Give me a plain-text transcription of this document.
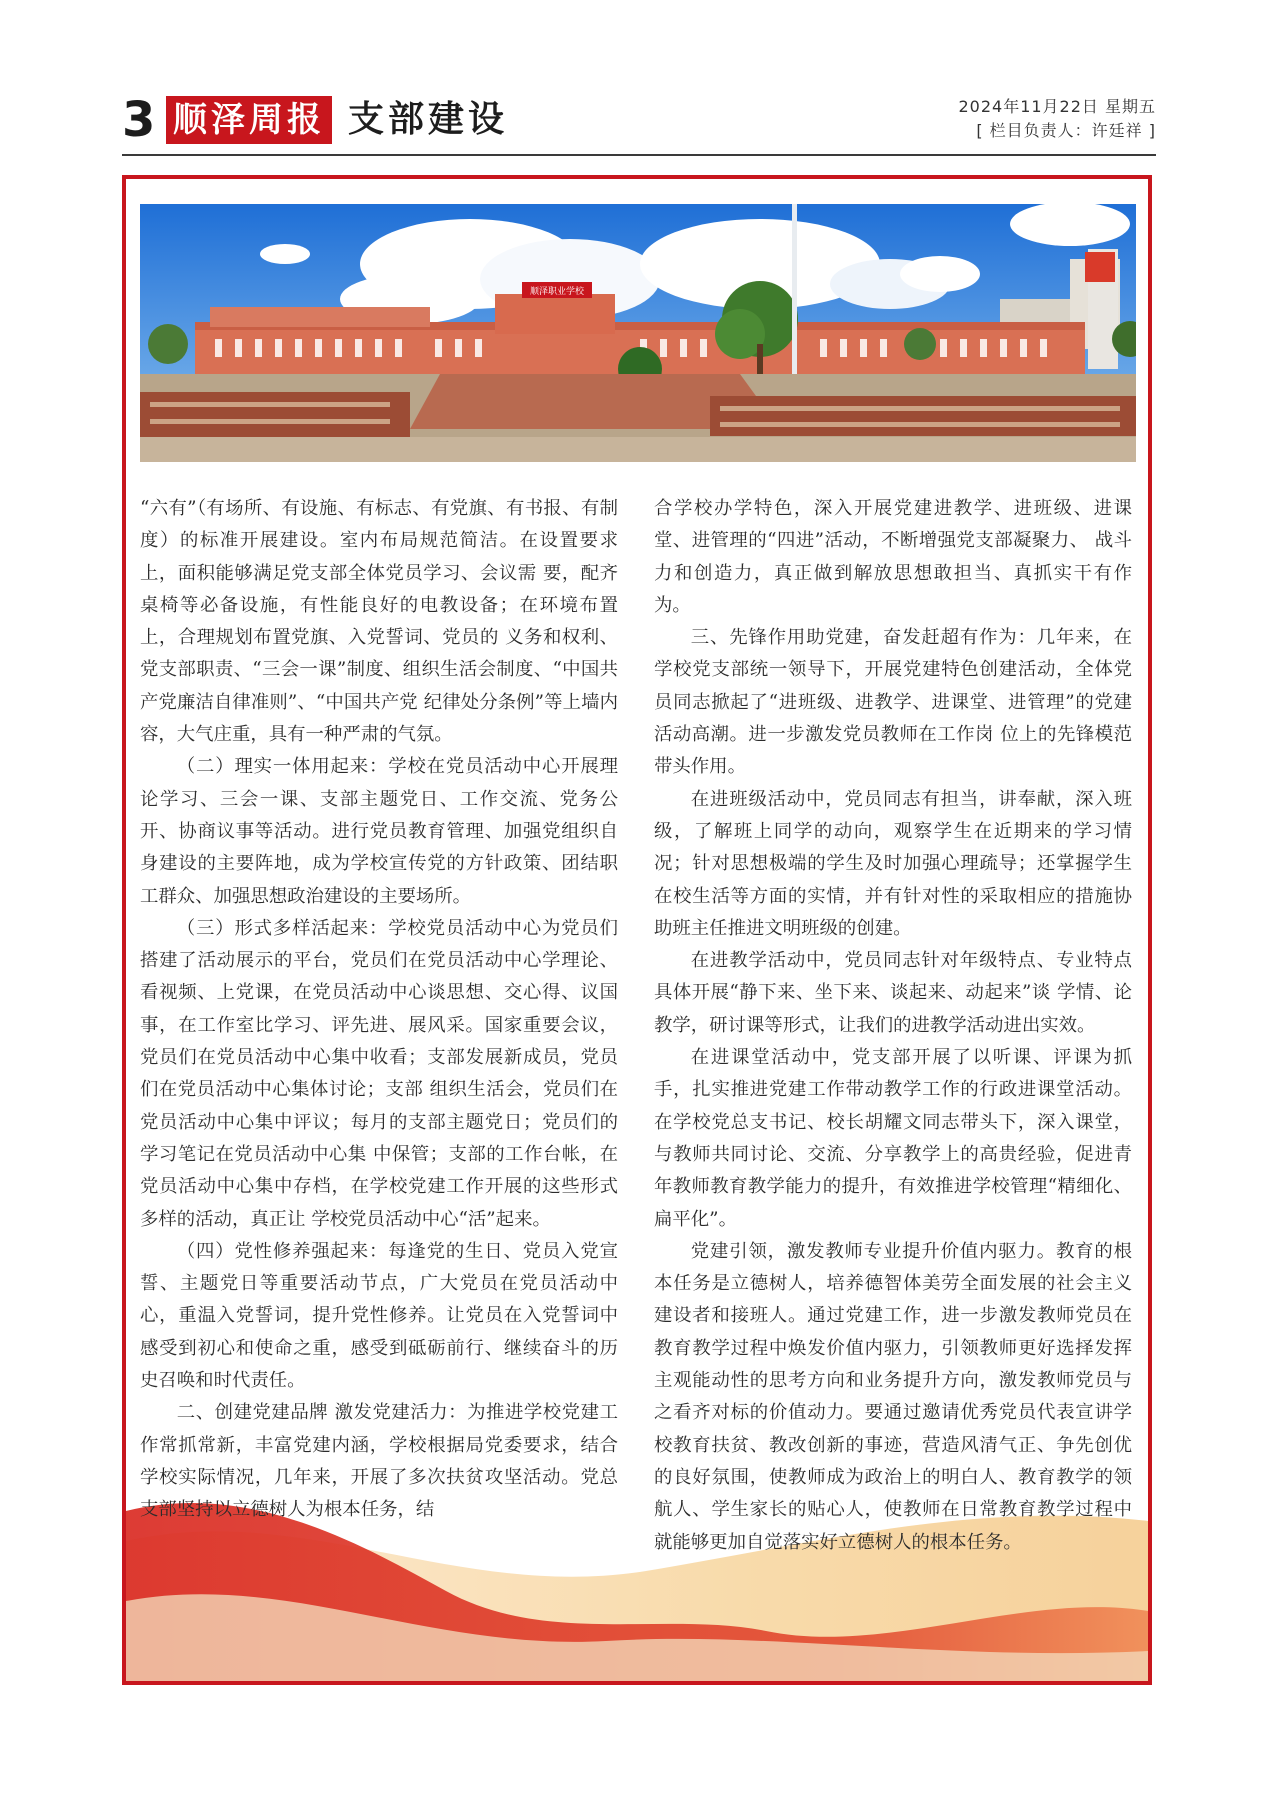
3 顺泽周报 支部建设	2024年11月22日 星期五
[ 栏目负责人：许廷祥 ]
顺泽职业学校

“六有”（有场所、有设施、有标志、有党旗、有书报、有制度）的标准开展建设。室内布局规范简洁。在设置要求上，面积能够满足党支部全体党员学习、会议需 要，配齐桌椅等必备设施，有性能良好的电教设备；在环境布置上，合理规划布置党旗、入党誓词、党员的 义务和权利、党支部职责、“三会一课”制度、组织生活会制度、“中国共产党廉洁自律准则”、“中国共产党 纪律处分条例”等上墙内容，大气庄重，具有一种严肃的气氛。

（二）理实一体用起来：学校在党员活动中心开展理论学习、三会一课、支部主题党日、工作交流、党务公开、协商议事等活动。进行党员教育管理、加强党组织自身建设的主要阵地，成为学校宣传党的方针政策、团结职工群众、加强思想政治建设的主要场所。

（三）形式多样活起来：学校党员活动中心为党员们搭建了活动展示的平台，党员们在党员活动中心学理论、看视频、上党课，在党员活动中心谈思想、交心得、议国事，在工作室比学习、评先进、展风采。国家重要会议，党员们在党员活动中心集中收看；支部发展新成员，党员们在党员活动中心集体讨论；支部 组织生活会，党员们在党员活动中心集中评议；每月的支部主题党日；党员们的学习笔记在党员活动中心集 中保管；支部的工作台帐，在党员活动中心集中存档，在学校党建工作开展的这些形式多样的活动，真正让 学校党员活动中心“活”起来。

（四）党性修养强起来：每逢党的生日、党员入党宣誓、主题党日等重要活动节点，广大党员在党员活动中心，重温入党誓词，提升党性修养。让党员在入党誓词中感受到初心和使命之重，感受到砥砺前行、继续奋斗的历史召唤和时代责任。

二、创建党建品牌 激发党建活力：为推进学校党建工作常抓常新，丰富党建内涵，学校根据局党委要求，结合学校实际情况，几年来，开展了多次扶贫攻坚活动。党总支部坚持以立德树人为根本任务，结

合学校办学特色，深入开展党建进教学、进班级、进课堂、进管理的“四进”活动，不断增强党支部凝聚力、 战斗力和创造力，真正做到解放思想敢担当、真抓实干有作为。

三、先锋作用助党建，奋发赶超有作为：几年来，在学校党支部统一领导下，开展党建特色创建活动，全体党员同志掀起了“进班级、进教学、进课堂、进管理”的党建活动高潮。进一步激发党员教师在工作岗 位上的先锋模范带头作用。

在进班级活动中，党员同志有担当，讲奉献，深入班级，了解班上同学的动向，观察学生在近期来的学习情况；针对思想极端的学生及时加强心理疏导；还掌握学生在校生活等方面的实情，并有针对性的采取相应的措施协助班主任推进文明班级的创建。

在进教学活动中，党员同志针对年级特点、专业特点具体开展“静下来、坐下来、谈起来、动起来”谈 学情、论教学，研讨课等形式，让我们的进教学活动进出实效。

在进课堂活动中，党支部开展了以听课、评课为抓手，扎实推进党建工作带动教学工作的行政进课堂活动。在学校党总支书记、校长胡耀文同志带头下，深入课堂，与教师共同讨论、交流、分享教学上的高贵经验，促进青年教师教育教学能力的提升，有效推进学校管理“精细化、扁平化”。

党建引领，激发教师专业提升价值内驱力。教育的根本任务是立德树人，培养德智体美劳全面发展的社会主义建设者和接班人。通过党建工作，进一步激发教师党员在教育教学过程中焕发价值内驱力，引领教师更好选择发挥主观能动性的思考方向和业务提升方向，激发教师党员与之看齐对标的价值动力。要通过邀请优秀党员代表宣讲学校教育扶贫、教改创新的事迹，营造风清气正、争先创优的良好氛围，使教师成为政治上的明白人、教育教学的领航人、学生家长的贴心人，使教师在日常教育教学过程中就能够更加自觉落实好立德树人的根本任务。
